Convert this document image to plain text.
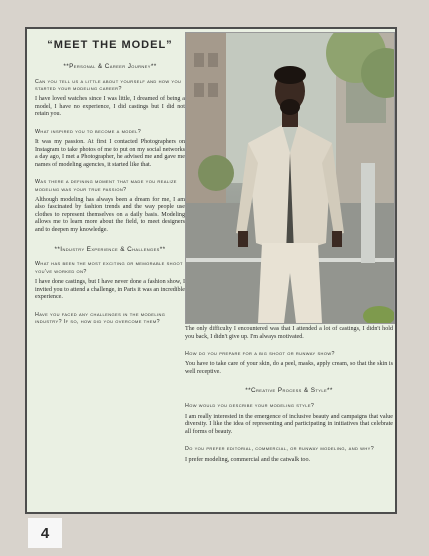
“MEET THE MODEL”
**Personal & Career Journey**
Can you tell us a little about yourself and how you started your modeling career?
I have loved watches since I was little, I dreamed of being a model, I have no experience, I did castings but I did not retain you.
What inspired you to become a model?
It was my passion. At first I contacted Photographers on Instagram to take photos of me to put on my social networks a day ago, I met a Photographer, he advised me and gave me names of modeling agencies, it started like that.
Was there a defining moment that made you realize modeling was your true passion?
Although modeling has always been a dream for me, I am also fascinated by fashion trends and the way people use clothes to represent themselves on a daily basis. Modeling allows me to learn more about the field, to meet designers and to deepen my knowledge.
**Industry Experience & Challenges**
What has been the most exciting or memorable shoot you've worked on?
I have done castings, but I have never done a fashion show, I invited you to attend a challenge, in Paris it was an incredible experience.
Have you faced any challenges in the modeling industry? If so, how did you overcome them?
The only difficulty I encountered was that I attended a lot of castings, I didn't hold you back, I didn't give up. I'm always motivated.
How do you prepare for a big shoot or runway show?
You have to take care of your skin, do a peel, masks, apply cream, so that the skin is well receptive.
**Creative Process & Style**
How would you describe your modeling style?
I am really interested in the emergence of inclusive beauty and campaigns that value diversity. I like the idea of representing and participating in initiatives that celebrate all forms of beauty.
Do you prefer editorial, commercial, or runway modeling, and why?
I prefer modeling, commercial and the catwalk too.
4
